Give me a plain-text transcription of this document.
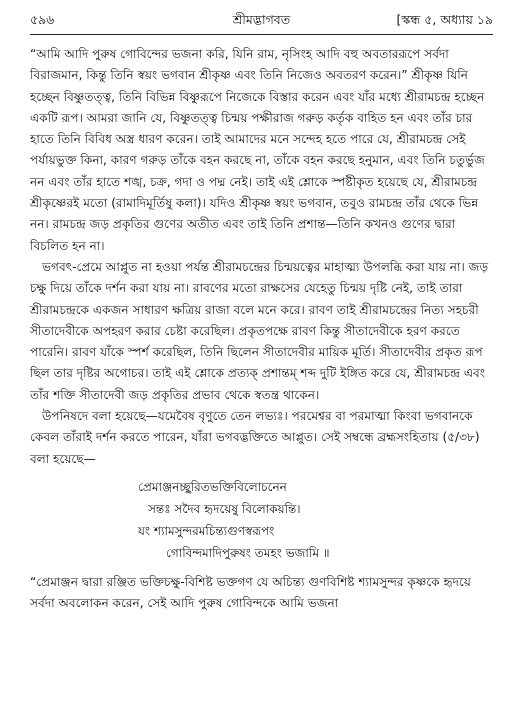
৫৯৬	শ্রীমদ্ভাগবত	[স্কন্ধ ৫, অধ্যায় ১৯

“আমি আদি পুরুষ গোবিন্দের ভজনা করি, যিনি রাম, নৃসিংহ আদি বহু অবতাররূপে সর্বদা বিরাজমান, কিন্তু তিনি স্বয়ং ভগবান শ্রীকৃষ্ণ এবং তিনি নিজেও অবতরণ করেন।” শ্রীকৃষ্ণ যিনি হচ্ছেন বিষ্ণুতত্ত্ব, তিনি বিভিন্ন বিষ্ণুরূপে নিজেকে বিস্তার করেন এবং যাঁর মধ্যে শ্রীরামচন্দ্র হচ্ছেন একটি রূপ। আমরা জানি যে, বিষ্ণুতত্ত্ব চিন্ময় পক্ষীরাজ গরুড় কর্তৃক বাহিত হন এবং তাঁর চার হাতে তিনি বিবিধ অস্ত্র ধারণ করেন। তাই আমাদের মনে সন্দেহ হতে পারে যে, শ্রীরামচন্দ্র সেই পর্যায়ভুক্ত কিনা, কারণ গরুড় তাঁকে বহন করছে না, তাঁকে বহন করছে হনুমান, এবং তিনি চতুর্ভুজ নন এবং তাঁর হাতে শঙ্খ, চক্র, গদা ও পদ্ম নেই। তাই এই শ্লোকে স্পষ্টীকৃত হয়েছে যে, শ্রীরামচন্দ্র শ্রীকৃষ্ণেরই মতো (রামাদিমূর্তিষু কলা)। যদিও শ্রীকৃষ্ণ স্বয়ং ভগবান, তবুও রামচন্দ্র তাঁর থেকে ভিন্ন নন। রামচন্দ্র জড় প্রকৃতির গুণের অতীত এবং তাই তিনি প্রশান্ত—তিনি কখনও গুণের দ্বারা বিচলিত হন না।

ভগবৎ-প্রেমে আপ্লুত না হওয়া পর্যন্ত শ্রীরামচন্দ্রের চিন্ময়ত্বের মাহাত্ম্য উপলব্ধি করা যায় না। জড় চক্ষু দিয়ে তাঁকে দর্শন করা যায় না। রাবণের মতো রাক্ষসের যেহেতু চিন্ময় দৃষ্টি নেই, তাই তারা শ্রীরামচন্দ্রকে একজন সাধারণ ক্ষত্রিয় রাজা বলে মনে করে। রাবণ তাই শ্রীরামচন্দ্রের নিত্য সহচরী সীতাদেবীকে অপহরণ করার চেষ্টা করেছিল। প্রকৃতপক্ষে রাবণ কিন্তু সীতাদেবীকে হরণ করতে পারেনি। রাবণ যাঁকে স্পর্শ করেছিল, তিনি ছিলেন সীতাদেবীর মায়িক মূর্তি। সীতাদেবীর প্রকৃত রূপ ছিল তার দৃষ্টির অগোচর। তাই এই শ্লোকে প্রত্যক্ প্রশান্তম্ শব্দ দুটি ইঙ্গিত করে যে, শ্রীরামচন্দ্র এবং তাঁর শক্তি সীতাদেবী জড় প্রকৃতির প্রভাব থেকে স্বতন্ত্র থাকেন।

উপনিষদে বলা হয়েছে—যমেবৈষ বৃণুতে তেন লভ্যঃ। পরমেশ্বর বা পরমাত্মা কিংবা ভগবানকে কেবল তাঁরাই দর্শন করতে পারেন, যাঁরা ভগবদ্ভক্তিতে আপ্লুত। সেই সম্বন্ধে ব্রহ্মসংহিতায় (৫/৩৮) বলা হয়েছে—

প্রেমাঞ্জনচ্ছুরিতভক্তিবিলোচনেন
সন্তঃ সদৈব হৃদয়েষু বিলোকয়ন্তি।
যং শ্যামসুন্দরমচিন্ত্যগুণস্বরূপং
গোবিন্দমাদিপুরুষং তমহং ভজামি ॥

“প্রেমাঞ্জন দ্বারা রঞ্জিত ভক্তিচক্ষু-বিশিষ্ট ভক্তগণ যে অচিন্ত্য গুণবিশিষ্ট শ্যামসুন্দর কৃষ্ণকে হৃদয়ে সর্বদা অবলোকন করেন, সেই আদি পুরুষ গোবিন্দকে আমি ভজনা
